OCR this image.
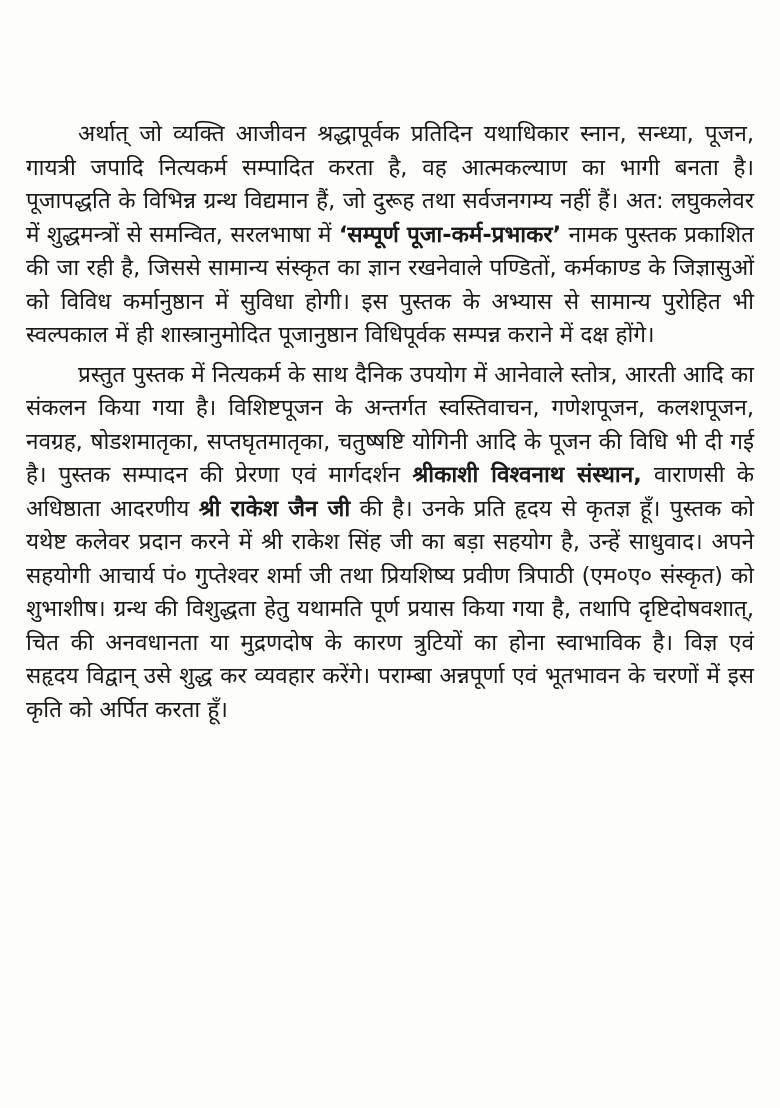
अर्थात् जो व्यक्ति आजीवन श्रद्धापूर्वक प्रतिदिन यथाधिकार स्नान, सन्ध्या, पूजन, गायत्री जपादि नित्यकर्म सम्पादित करता है, वह आत्मकल्याण का भागी बनता है। पूजापद्धति के विभिन्न ग्रन्थ विद्यमान हैं, जो दुरूह तथा सर्वजनगम्य नहीं हैं। अत: लघुकलेवर में शुद्धमन्त्रों से समन्वित, सरलभाषा में ‘सम्पूर्ण पूजा-कर्म-प्रभाकर’ नामक पुस्तक प्रकाशित की जा रही है, जिससे सामान्य संस्कृत का ज्ञान रखनेवाले पण्डितों, कर्मकाण्ड के जिज्ञासुओं को विविध कर्मानुष्ठान में सुविधा होगी। इस पुस्तक के अभ्यास से सामान्य पुरोहित भी स्वल्पकाल में ही शास्त्रानुमोदित पूजानुष्ठान विधिपूर्वक सम्पन्न कराने में दक्ष होंगे।

प्रस्तुत पुस्तक में नित्यकर्म के साथ दैनिक उपयोग में आनेवाले स्तोत्र, आरती आदि का संकलन किया गया है। विशिष्टपूजन के अन्तर्गत स्वस्तिवाचन, गणेशपूजन, कलशपूजन, नवग्रह, षोडशमातृका, सप्तघृतमातृका, चतुष्षष्टि योगिनी आदि के पूजन की विधि भी दी गई है। पुस्तक सम्पादन की प्रेरणा एवं मार्गदर्शन श्रीकाशी विश्वनाथ संस्थान, वाराणसी के अधिष्ठाता आदरणीय श्री राकेश जैन जी की है। उनके प्रति हृदय से कृतज्ञ हूँ। पुस्तक को यथेष्ट कलेवर प्रदान करने में श्री राकेश सिंह जी का बड़ा सहयोग है, उन्हें साधुवाद। अपने सहयोगी आचार्य पं० गुप्तेश्वर शर्मा जी तथा प्रियशिष्य प्रवीण त्रिपाठी (एम०ए० संस्कृत) को शुभाशीष। ग्रन्थ की विशुद्धता हेतु यथामति पूर्ण प्रयास किया गया है, तथापि दृष्टिदोषवशात्, चित की अनवधानता या मुद्रणदोष के कारण त्रुटियों का होना स्वाभाविक है। विज्ञ एवं सहृदय विद्वान् उसे शुद्ध कर व्यवहार करेंगे। पराम्बा अन्नपूर्णा एवं भूतभावन के चरणों में इस कृति को अर्पित करता हूँ।
